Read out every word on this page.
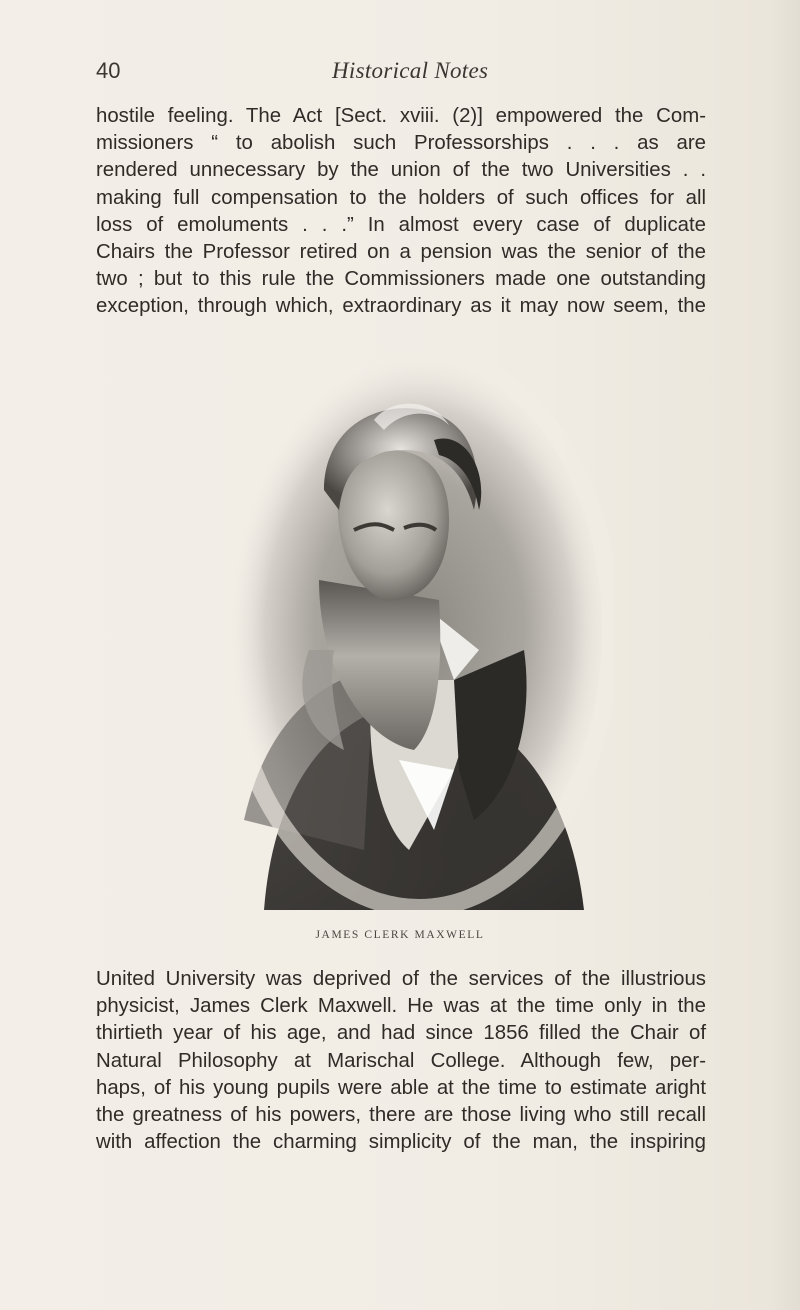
40	Historical Notes
hostile feeling. The Act [Sect. xviii. (2)] empowered the Com-
missioners “ to abolish such Professorships . . . as are
rendered unnecessary by the union of the two Universities . .
making full compensation to the holders of such offices for all
loss of emoluments . . .” In almost every case of duplicate
Chairs the Professor retired on a pension was the senior of the
two ; but to this rule the Commissioners made one outstanding
exception, through which, extraordinary as it may now seem, the
JAMES CLERK MAXWELL
United University was deprived of the services of the illustrious
physicist, James Clerk Maxwell. He was at the time only in the
thirtieth year of his age, and had since 1856 filled the Chair of
Natural Philosophy at Marischal College. Although few, per-
haps, of his young pupils were able at the time to estimate aright
the greatness of his powers, there are those living who still recall
with affection the charming simplicity of the man, the inspiring
